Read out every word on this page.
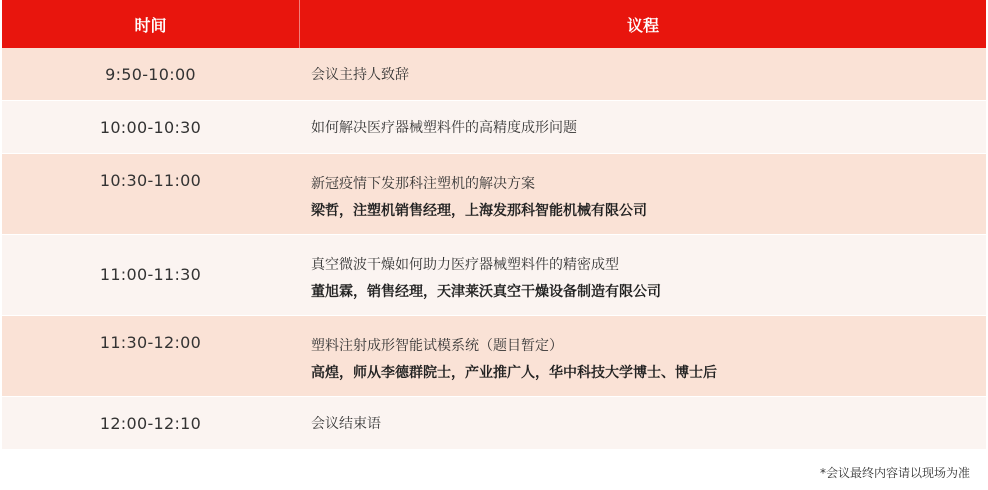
时间	议程
9:50-10:00	会议主持人致辞
10:00-10:30	如何解决医疗器械塑料件的高精度成形问题
10:30-11:00	新冠疫情下发那科注塑机的解决方案
梁哲，注塑机销售经理，上海发那科智能机械有限公司
11:00-11:30	真空微波干燥如何助力医疗器械塑料件的精密成型
董旭霖，销售经理，天津莱沃真空干燥设备制造有限公司
11:30-12:00	塑料注射成形智能试模系统（题目暂定）
高煌，师从李德群院士，产业推广人，华中科技大学博士、博士后
12:00-12:10	会议结束语
*会议最终内容请以现场为准
